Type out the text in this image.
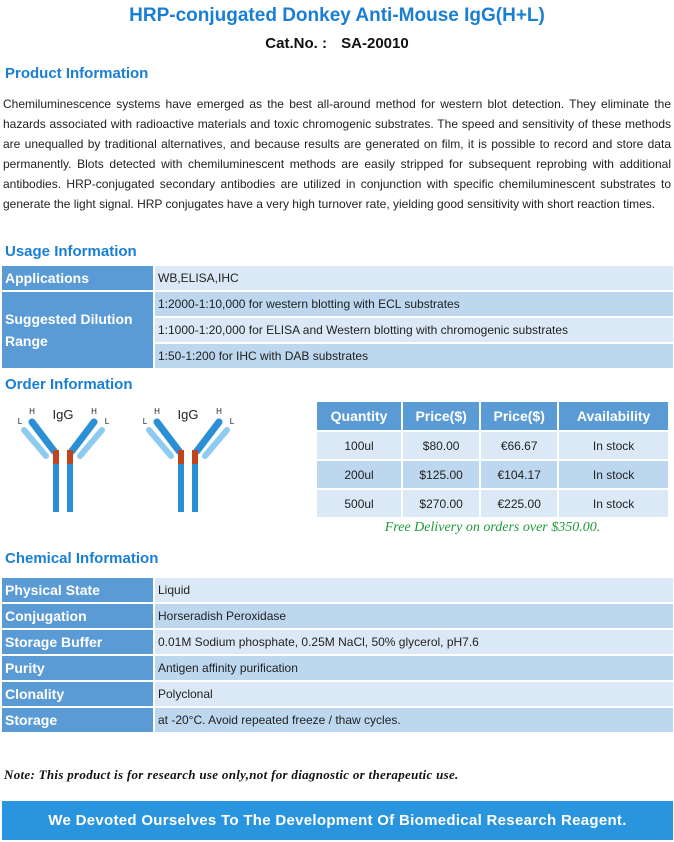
HRP-conjugated Donkey Anti-Mouse IgG(H+L)
Cat.No. : SA-20010
Product Information
Chemiluminescence systems have emerged as the best all-around method for western blot detection. They eliminate the hazards associated with radioactive materials and toxic chromogenic substrates. The speed and sensitivity of these methods are unequalled by traditional alternatives, and because results are generated on film, it is possible to record and store data permanently. Blots detected with chemiluminescent methods are easily stripped for subsequent reprobing with additional antibodies. HRP-conjugated secondary antibodies are utilized in conjunction with specific chemiluminescent substrates to generate the light signal. HRP conjugates have a very high turnover rate, yielding good sensitivity with short reaction times.
Usage Information
Applications	WB,ELISA,IHC
Suggested Dilution Range	1:2000-1:10,000 for western blotting with ECL substrates
	1:1000-1:20,000 for ELISA and Western blotting with chromogenic substrates
	1:50-1:200 for IHC with DAB substrates
Order Information
IgG
H
L
H
L	IgG
H
L
H
L	Quantity	Price($)	Price($)	Availability
100ul	$80.00	€66.67	In stock
200ul	$125.00	€104.17	In stock
500ul	$270.00	€225.00	In stock
Free Delivery on orders over $350.00.
Chemical Information
Physical State	Liquid
Conjugation	Horseradish Peroxidase
Storage Buffer	0.01M Sodium phosphate, 0.25M NaCl, 50% glycerol, pH7.6
Purity	Antigen affinity purification
Clonality	Polyclonal
Storage	at -20°C. Avoid repeated freeze / thaw cycles.
Note: This product is for research use only,not for diagnostic or therapeutic use.
We Devoted Ourselves To The Development Of Biomedical Research Reagent.
